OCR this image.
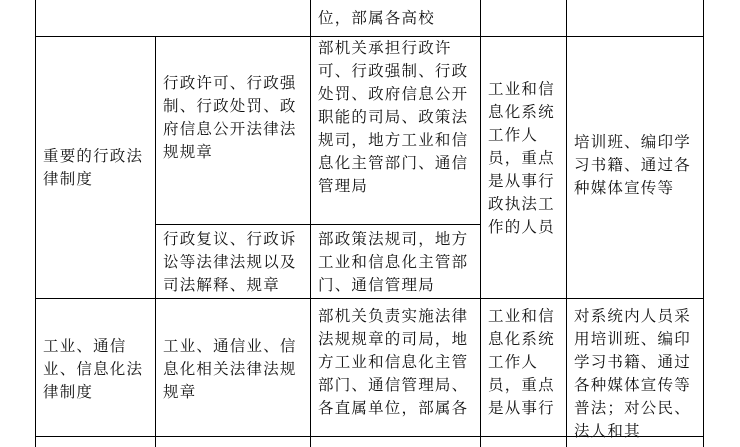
位，部属各高校
重要的行政法律制度
行政许可、行政强制、行政处罚、政府信息公开法律法规规章
部机关承担行政许可、行政强制、行政处罚、政府信息公开职能的司局、政策法规司，地方工业和信息化主管部门、通信管理局
行政复议、行政诉讼等法律法规以及司法解释、规章
部政策法规司，地方工业和信息化主管部门、通信管理局
工业和信息化系统工作人员，重点是从事行政执法工作的人员
培训班、编印学习书籍、通过各种媒体宣传等
工业、通信业、信息化法律制度
工业、通信业、信息化相关法律法规规章
部机关负责实施法律法规规章的司局，地方工业和信息化主管部门、通信管理局、各直属单位，部属各
工业和信息化系统工作人员，重点是从事行
对系统内人员采用培训班、编印学习书籍、通过各种媒体宣传等普法；对公民、法人和其
